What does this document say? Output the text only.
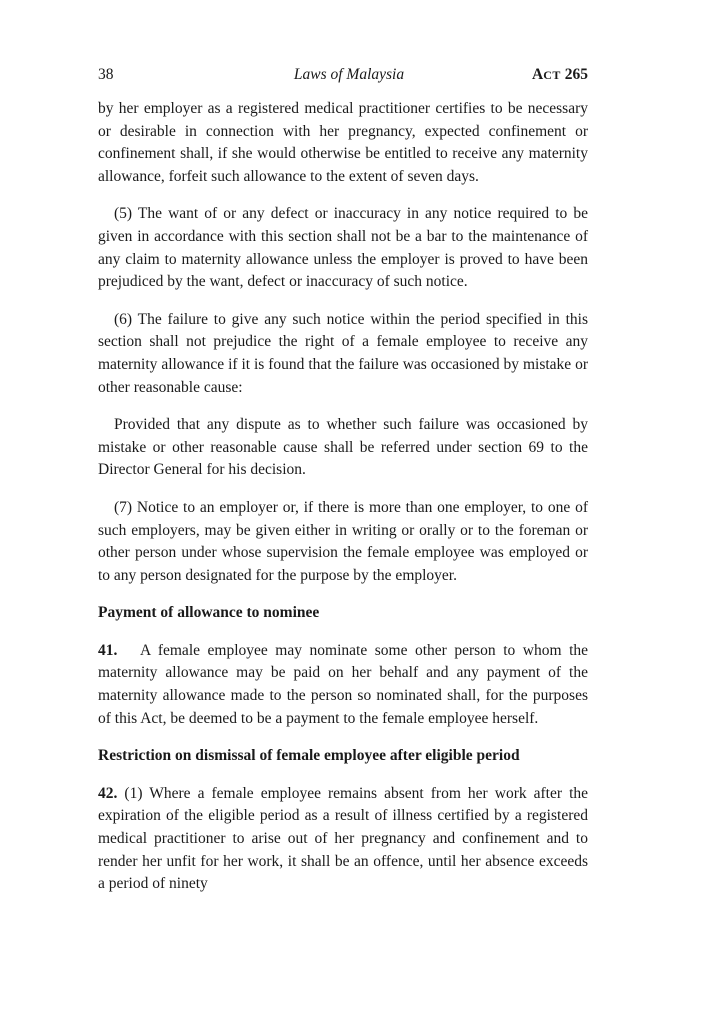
38	Laws of Malaysia	ACT 265

by her employer as a registered medical practitioner certifies to be necessary or desirable in connection with her pregnancy, expected confinement or confinement shall, if she would otherwise be entitled to receive any maternity allowance, forfeit such allowance to the extent of seven days.

(5) The want of or any defect or inaccuracy in any notice required to be given in accordance with this section shall not be a bar to the maintenance of any claim to maternity allowance unless the employer is proved to have been prejudiced by the want, defect or inaccuracy of such notice.

(6) The failure to give any such notice within the period specified in this section shall not prejudice the right of a female employee to receive any maternity allowance if it is found that the failure was occasioned by mistake or other reasonable cause:

Provided that any dispute as to whether such failure was occasioned by mistake or other reasonable cause shall be referred under section 69 to the Director General for his decision.

(7) Notice to an employer or, if there is more than one employer, to one of such employers, may be given either in writing or orally or to the foreman or other person under whose supervision the female employee was employed or to any person designated for the purpose by the employer.

Payment of allowance to nominee

41. A female employee may nominate some other person to whom the maternity allowance may be paid on her behalf and any payment of the maternity allowance made to the person so nominated shall, for the purposes of this Act, be deemed to be a payment to the female employee herself.

Restriction on dismissal of female employee after eligible period

42. (1) Where a female employee remains absent from her work after the expiration of the eligible period as a result of illness certified by a registered medical practitioner to arise out of her pregnancy and confinement and to render her unfit for her work, it shall be an offence, until her absence exceeds a period of ninety
